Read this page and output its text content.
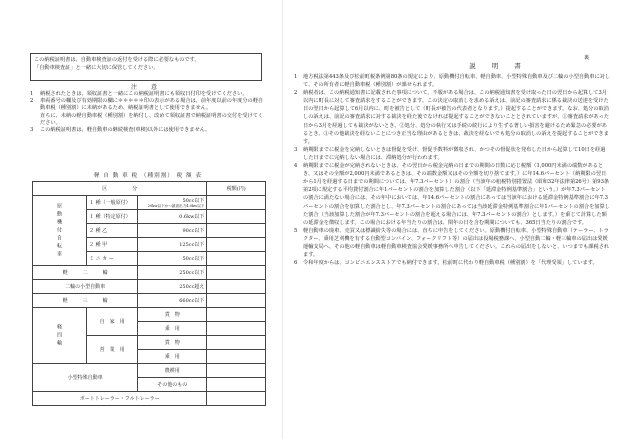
この納税証明書は、自動車検査証の返付を受ける際に必要なものです。
「自動車検査証」と一緒に大切に保管してください。
注　意
1	納税されたときは、領収証書と一緒にこの納税証明書にも領収日付印を受けてください。
2	車両番号の欄及び有効期限の欄に＊＊＊＊＊印の表示がある場合は、前年度以前の年度分の軽自動車税（種別割）に未納があるため、納税証明書として使用できません。
直ちに、未納の軽自動車税（種別割）を納付し、改めて領収証書で納税証明書の交付を受けてください。
3	この納税証明書は、軽自動車の継続検査(車検)以外には使用できません。
軽 自 動 車 税 （種別割） 税 額 表
区　　　　　分			税額(円)
原動機付自転車	１ 種（一般原付）	50cc以下
20kw以下かつ最高出力4.0kw以下	

	１ 種（特定原付）	0.6kw以下	
	２ 種 乙	90cc以下	
	２ 種 甲	125cc以下	
	ミ ニ カ ー	50cc以下	
軽　　　二　　　輪		250cc以下	
二輪の小型自動車		250cc超え	
軽　　　三　　　輪		660cc以下	
軽四輪	自　家　用	貨　物	
		乗　用	
	営　業　用	貨　物	
		乗　用	
小型特殊自動車		農耕用	
		その他のもの	
ボートトレーラー・フルトレーラー			
裏
説明書
1	地方税法第443条及び松前町税条例第80条の規定により、原動機付自転車、軽自動車、小型特殊自動車及び二輪の小型自動車に対して、その所有者に軽自動車税（種別割）が課せられます。
2	納税者は、この納税通知書に記載された事項について、不服がある場合は、この納税通知書を受け取った日の翌日から起算して3月以内に町長に対して審査請求をすることができます。この決定の取消しを求める訴えは、前記の審査請求に係る裁決の送達を受けた日の翌日から起算して6月以内に、町を被告として（町長が被告の代表者となります。）提起することができます。なお、処分の取消しの訴えは、前記の審査請求に対する裁決を経た後でなければ提起することができないこととされていますが、①審査請求があった日から3月を経過しても裁決がないとき、②処分、処分の執行又は手続の続行により生ずる著しい損害を避けるため緊急の必要があるとき、③その他裁決を経ないことにつき正当な理由があるときは、裁決を経ないでも処分の取消しの訴えを提起することができます。
3	納期限までに税金を完納しないときは督促を受け、督促手数料が徴収され、かつその督促状を発布した日から起算して10日を経過した日までに完納しない場合には、滞納処分が行われます。
4	納期限までに税金が完納されないときは、その翌日から税金完納の日までの期間の日数に応じ税額（1,000円未満の端数があるとき、又はその全額が2,000円未満であるときは、その端数金額又はその全額を切り捨てます。）に年14.6パーセント（納期限の翌日から1月を経過する日までの期間については、年7.3パーセント）の割合（当該年の租税特別措置法（昭和32年法律第26号）第93条第2項に規定する平均貸付割合に年1パーセントの割合を加算した割合（以下「延滞金特例基準割合」という。）が年7.3パーセントの割合に満たない場合には、その年中においては、年14.6パーセントの割合にあっては当該年における延滞金特例基準割合に年7.3パーセントの割合を加算した割合とし、年7.3パーセントの割合にあっては当該延滞金特例基準割合に年1パーセントの割合を加算した割合（当該加算した割合が年7.3パーセントの割合を超える場合には、年7.3パーセントの割合）とします。）を乗じて計算した額の延滞金を徴収します。この場合における年当たりの割合は、閏年の日を含む期間についても、365日当たりの割合です。
5	軽自動車の廃車、売買又は標識紛失等の場合には、直ちに申告をしてください。原動機付自転車、小型特殊自動車（テーラー、トラクター、乗用芝刈機を有する自動型コンバイン、フォークリフト等）の届出は役場税務課へ、小型自動二輪・軽三輪車の届出は愛媛運輸支局へ、その他の軽自動車は軽自動車検査協会愛媛事務所へ申告してください。これらの届出をしないと、いつまでも課税されます。
6	令和年度からは、コンビニエンスストアでも納付できます。松前町に代わり軽自動車税（種別割）を「代理受領」しています。
